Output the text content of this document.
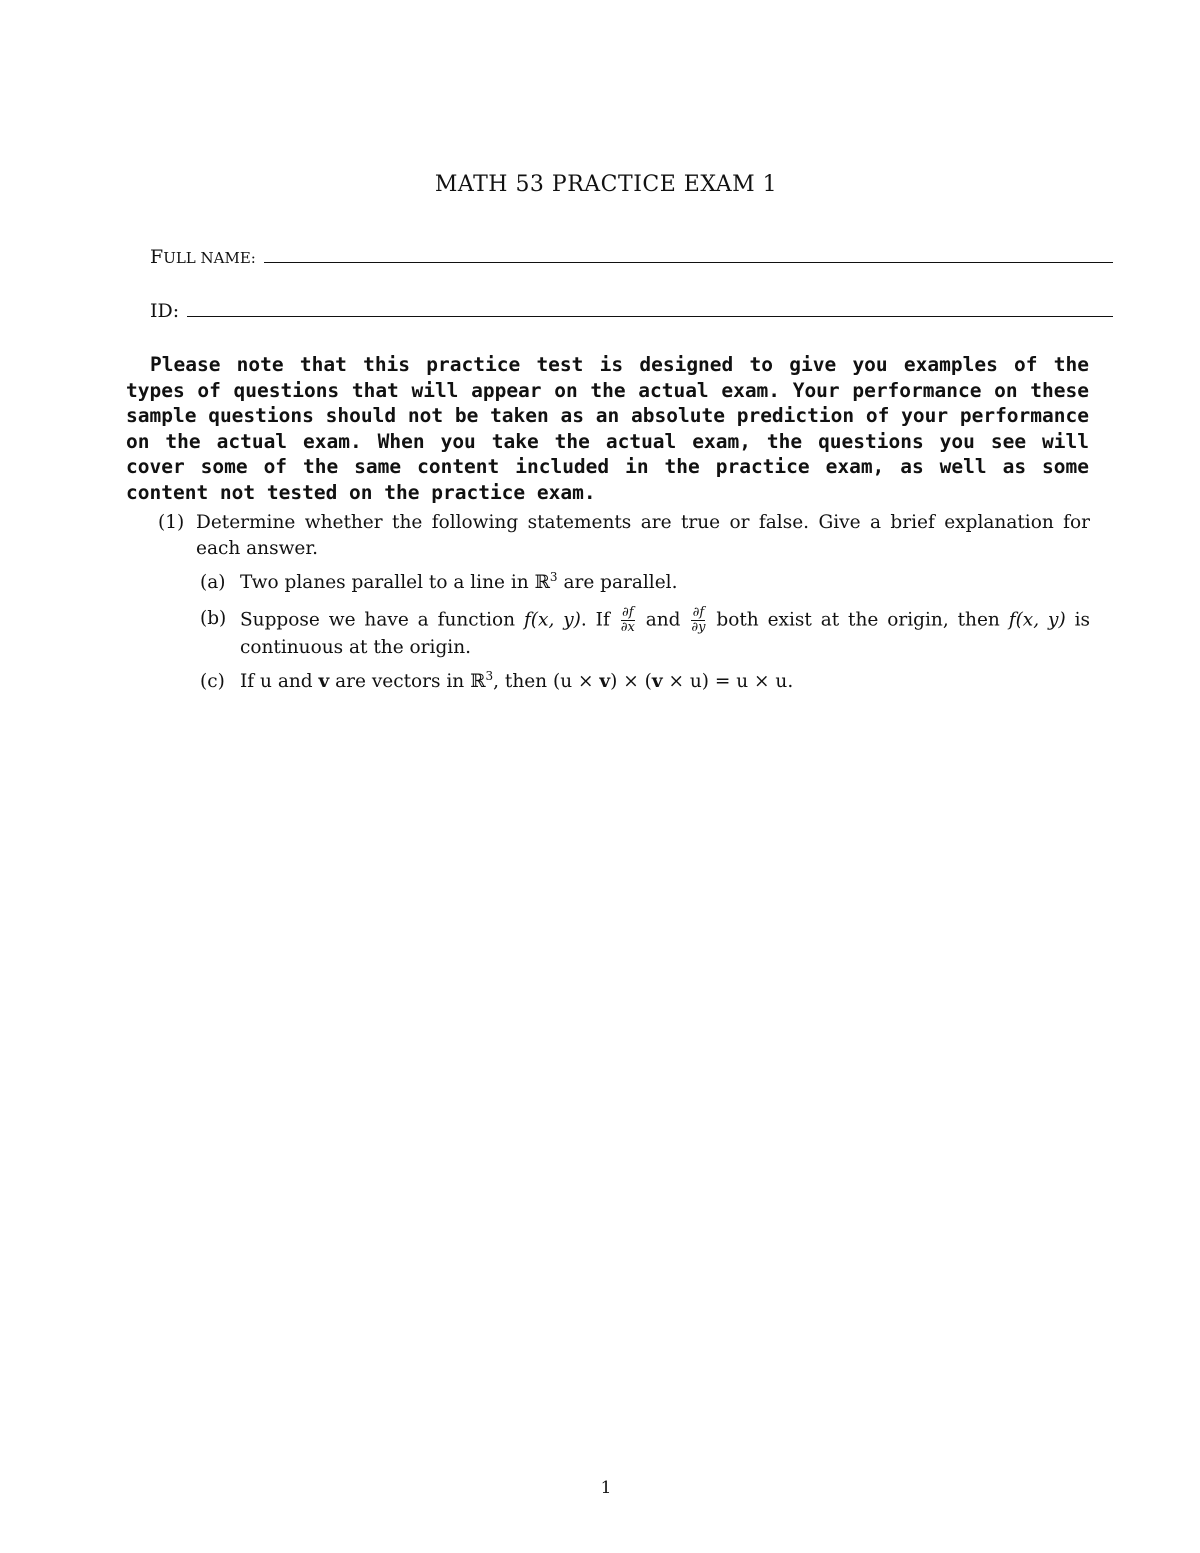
MATH 53 PRACTICE EXAM 1
FULL NAME:
ID:
Please note that this practice test is designed to give you examples of the types of questions that will appear on the actual exam. Your performance on these sample questions should not be taken as an absolute prediction of your performance on the actual exam. When you take the actual exam, the questions you see will cover some of the same content included in the practice exam, as well as some content not tested on the practice exam.
(1) Determine whether the following statements are true or false. Give a brief explanation for each answer.
(a) Two planes parallel to a line in ℝ$^3$ are parallel.
(b) Suppose we have a function f(x, y). If $\frac{\partial f}{\partial x}$ and $\frac{\partial f}{\partial y}$ both exist at the origin, then f(x, y) is continuous at the origin.
(c) If u and v are vectors in ℝ$^3$, then (u × v) × (v × u) = u × u.
1
